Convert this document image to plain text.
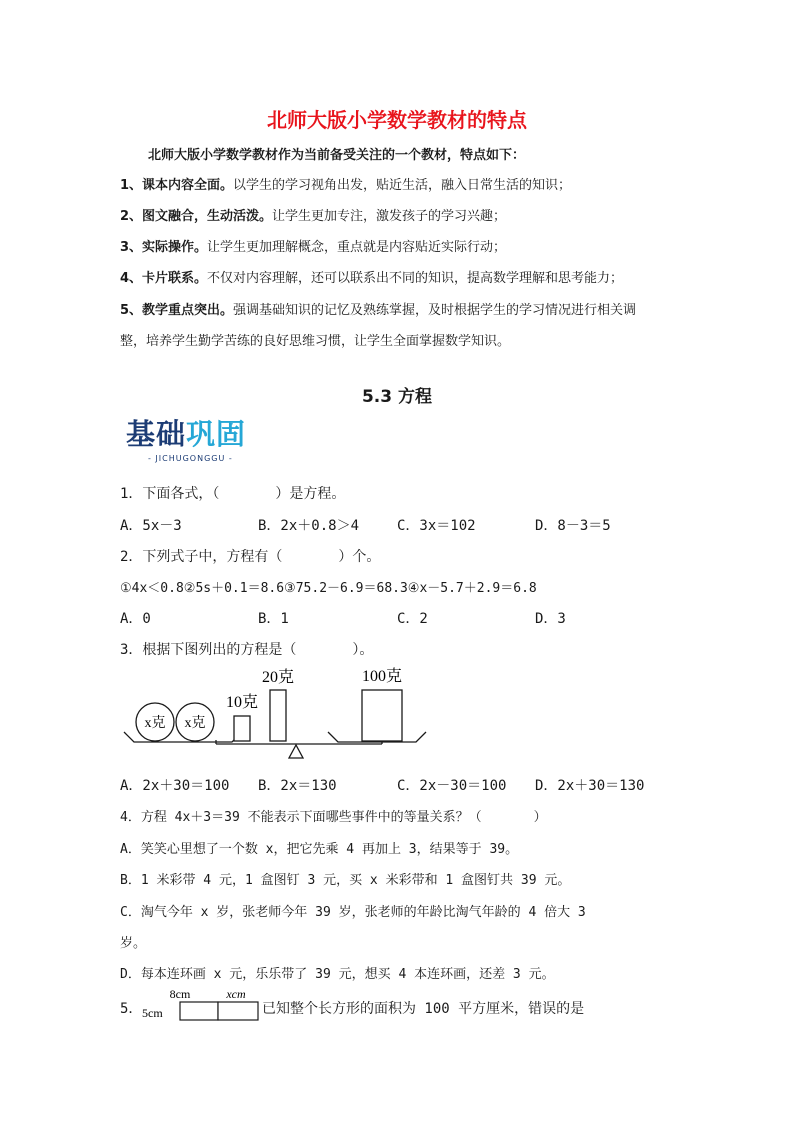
北师大版小学数学教材的特点
北师大版小学数学教材作为当前备受关注的一个教材，特点如下：
1、课本内容全面。以学生的学习视角出发，贴近生活，融入日常生活的知识；
2、图文融合，生动活泼。让学生更加专注，激发孩子的学习兴趣；
3、实际操作。让学生更加理解概念，重点就是内容贴近实际行动；
4、卡片联系。不仅对内容理解，还可以联系出不同的知识，提高数学理解和思考能力；
5、教学重点突出。强调基础知识的记忆及熟练掌握，及时根据学生的学习情况进行相关调
整，培养学生勤学苦练的良好思维习惯，让学生全面掌握数学知识。
5.3 方程
基础巩固
- JICHUGONGGU -
1．下面各式，（　　　　）是方程。
A．5x－3	B．2x＋0.8＞4	C．3x＝102	D．8－3＝5
2．下列式子中，方程有（　　　　）个。
①4x＜0.8②5s＋0.1＝8.6③75.2－6.9＝68.3④x－5.7＋2.9＝6.8
A．0	B．1	C．2	D．3
3．根据下图列出的方程是（　　　　）。
x克 x克
10克
20克	100克
A．2x＋30＝100 B．2x＝130	C．2x－30＝100 D．2x＋30＝130
4．方程 4x＋3＝39 不能表示下面哪些事件中的等量关系？（　　　　）
A．笑笑心里想了一个数 x，把它先乘 4 再加上 3，结果等于 39。
B．1 米彩带 4 元，1 盒图钉 3 元，买 x 米彩带和 1 盒图钉共 39 元。
C．淘气今年 x 岁，张老师今年 39 岁，张老师的年龄比淘气年龄的 4 倍大 3
岁。
D．每本连环画 x 元，乐乐带了 39 元，想买 4 本连环画，还差 3 元。
5．
8cm	xcm
5cm	已知整个长方形的面积为 100 平方厘米，错误的是
